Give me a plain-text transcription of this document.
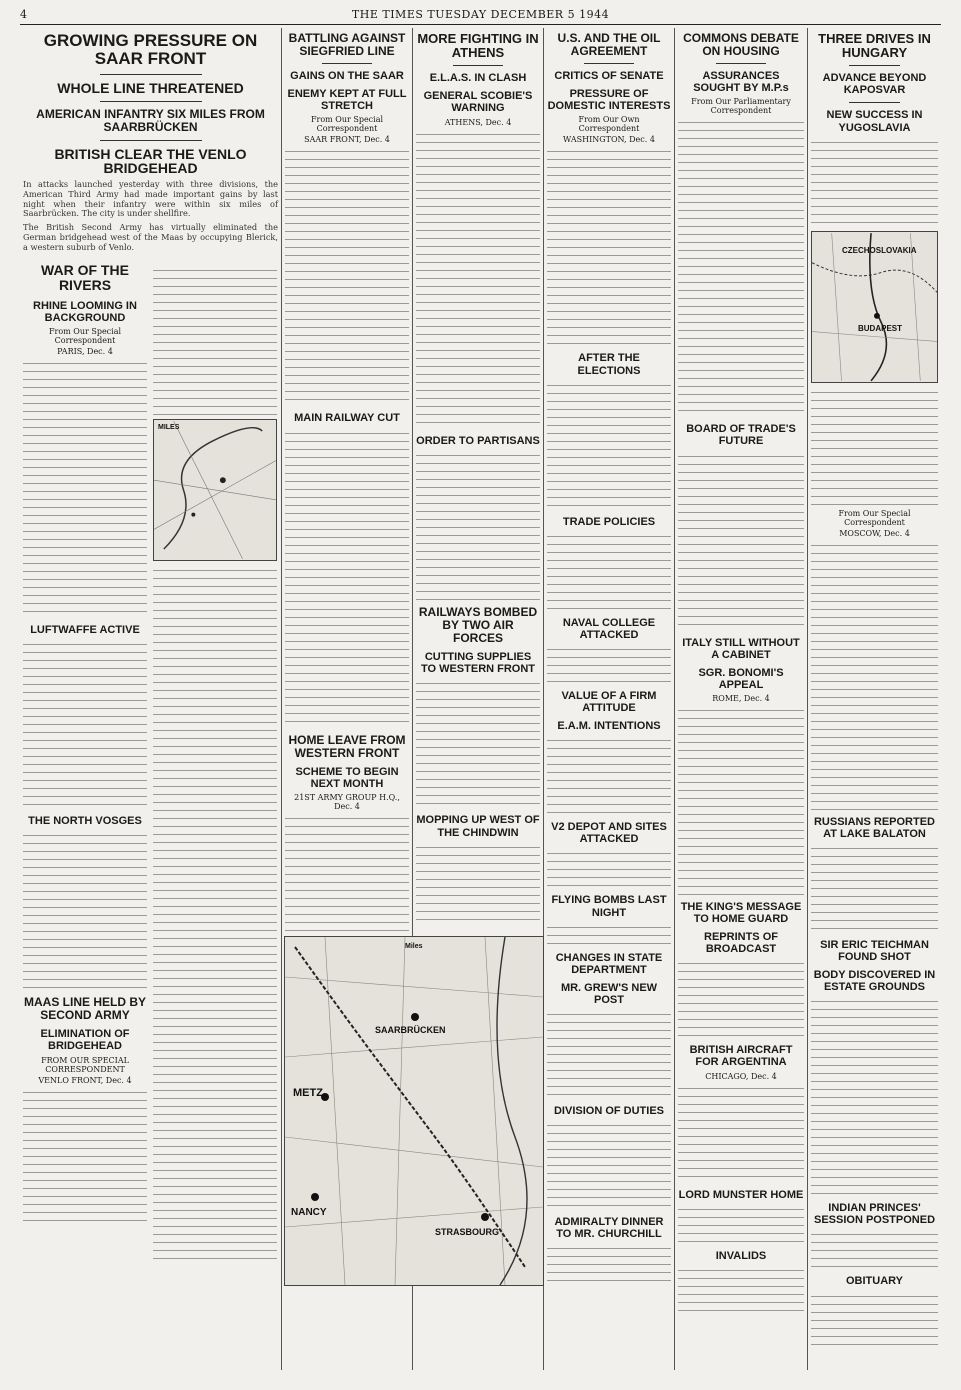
4	THE TIMES TUESDAY DECEMBER 5 1944
GROWING PRESSURE ON SAAR FRONT
WHOLE LINE THREATENED
AMERICAN INFANTRY SIX MILES FROM SAARBRÜCKEN
BRITISH CLEAR THE VENLO BRIDGEHEAD

In attacks launched yesterday with three divisions, the American Third Army had made important gains by last night when their infantry were within six miles of Saarbrücken. The city is under shellfire.

The British Second Army has virtually eliminated the German bridgehead west of the Maas by occupying Blerick, a western suburb of Venlo.

WAR OF THE RIVERS
RHINE LOOMING IN BACKGROUND
From Our Special Correspondent
PARIS, Dec. 4
LUFTWAFFE ACTIVE
THE NORTH VOSGES
MAAS LINE HELD BY SECOND ARMY
ELIMINATION OF BRIDGEHEAD
FROM OUR SPECIAL CORRESPONDENT
VENLO FRONT, Dec. 4
MILES
BATTLING AGAINST SIEGFRIED LINE
GAINS ON THE SAAR
ENEMY KEPT AT FULL STRETCH
From Our Special Correspondent
SAAR FRONT, Dec. 4
MAIN RAILWAY CUT
HOME LEAVE FROM WESTERN FRONT
SCHEME TO BEGIN NEXT MONTH
21ST ARMY GROUP H.Q., Dec. 4
MORE FIGHTING IN ATHENS
E.L.A.S. IN CLASH
GENERAL SCOBIE'S WARNING
ATHENS, Dec. 4
ORDER TO PARTISANS
RAILWAYS BOMBED BY TWO AIR FORCES
CUTTING SUPPLIES TO WESTERN FRONT
MOPPING UP WEST OF THE CHINDWIN
SAARBRÜCKEN
METZ
NANCY
STRASBOURG
Miles
U.S. AND THE OIL AGREEMENT
CRITICS OF SENATE
PRESSURE OF DOMESTIC INTERESTS
From Our Own Correspondent
WASHINGTON, Dec. 4
AFTER THE ELECTIONS
TRADE POLICIES
NAVAL COLLEGE ATTACKED
VALUE OF A FIRM ATTITUDE
E.A.M. INTENTIONS
V2 DEPOT AND SITES ATTACKED
FLYING BOMBS LAST NIGHT
CHANGES IN STATE DEPARTMENT
MR. GREW'S NEW POST
DIVISION OF DUTIES
ADMIRALTY DINNER TO MR. CHURCHILL
COMMONS DEBATE ON HOUSING
ASSURANCES SOUGHT BY M.P.s
From Our Parliamentary Correspondent
BOARD OF TRADE'S FUTURE
ITALY STILL WITHOUT A CABINET
SGR. BONOMI'S APPEAL
ROME, Dec. 4
THE KING'S MESSAGE TO HOME GUARD
REPRINTS OF BROADCAST
BRITISH AIRCRAFT FOR ARGENTINA
CHICAGO, Dec. 4
LORD MUNSTER HOME
INVALIDS
THREE DRIVES IN HUNGARY
ADVANCE BEYOND KAPOSVAR
NEW SUCCESS IN YUGOSLAVIA
CZECHOSLOVAKIA
BUDAPEST
From Our Special Correspondent
MOSCOW, Dec. 4
RUSSIANS REPORTED AT LAKE BALATON
SIR ERIC TEICHMAN FOUND SHOT
BODY DISCOVERED IN ESTATE GROUNDS
INDIAN PRINCES' SESSION POSTPONED
OBITUARY
